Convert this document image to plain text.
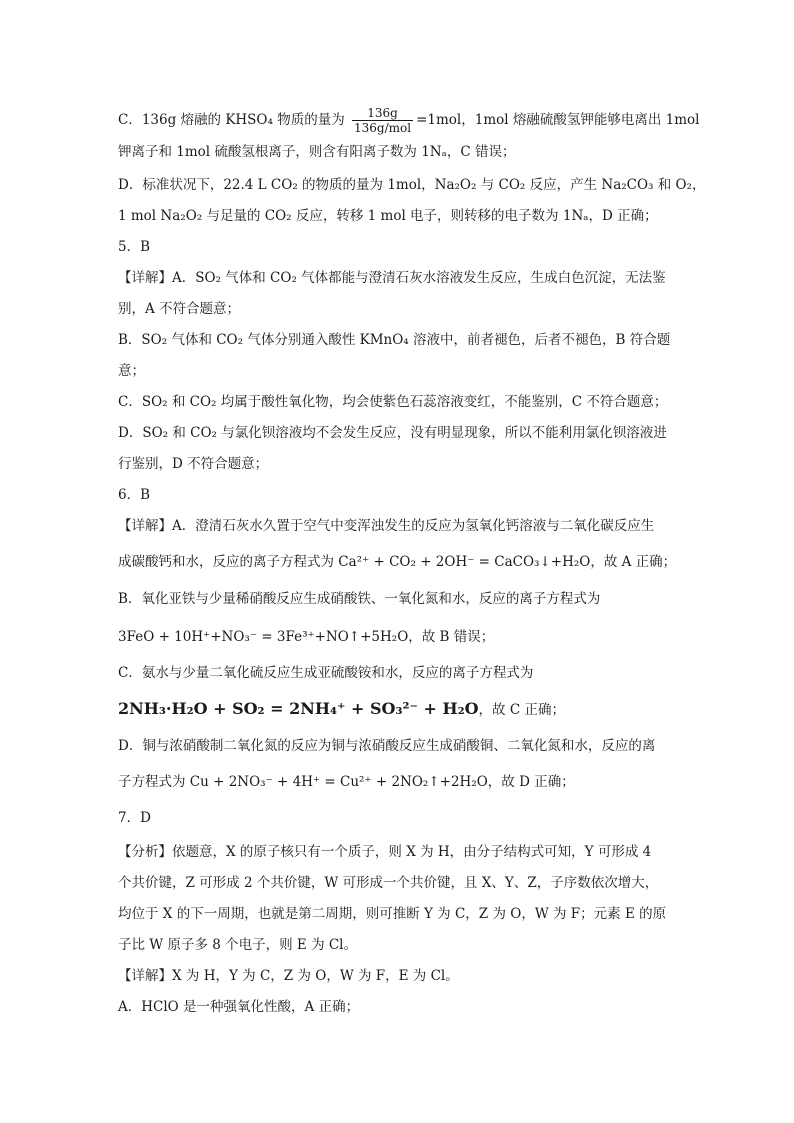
C．136g 熔融的 KHSO₄ 物质的量为 $\frac{136g}{\text{136g/mol}} =1mol$，1mol 熔融硫酸氢钾能够电离出 1mol
钾离子和 1mol 硫酸氢根离子，则含有阳离子数为 1Nₐ，C 错误；
D．标准状况下，22.4 L CO₂ 的物质的量为 1mol，Na₂O₂ 与 CO₂ 反应，产生 Na₂CO₃ 和 O₂，
1 mol Na₂O₂ 与足量的 CO₂ 反应，转移 1 mol 电子，则转移的电子数为 1Nₐ，D 正确；
5．B
【详解】A．SO₂ 气体和 CO₂ 气体都能与澄清石灰水溶液发生反应，生成白色沉淀，无法鉴
别，A 不符合题意；
B．SO₂ 气体和 CO₂ 气体分别通入酸性 KMnO₄ 溶液中，前者褪色，后者不褪色，B 符合题
意；
C．SO₂ 和 CO₂ 均属于酸性氧化物，均会使紫色石蕊溶液变红，不能鉴别，C 不符合题意；
D．SO₂ 和 CO₂ 与氯化钡溶液均不会发生反应，没有明显现象，所以不能利用氯化钡溶液进
行鉴别，D 不符合题意；
6．B
【详解】A．澄清石灰水久置于空气中变浑浊发生的反应为氢氧化钙溶液与二氧化碳反应生
成碳酸钙和水，反应的离子方程式为 Ca²⁺ + CO₂ + 2OH⁻ = CaCO₃↓+H₂O，故 A 正确；
B．氧化亚铁与少量稀硝酸反应生成硝酸铁、一氧化氮和水，反应的离子方程式为
3FeO + 10H⁺+NO₃⁻ = 3Fe³⁺+NO↑+5H₂O，故 B 错误；
C．氨水与少量二氧化硫反应生成亚硫酸铵和水，反应的离子方程式为
2NH₃·H₂O + SO₂ = 2NH₄⁺ + SO₃²⁻ + H₂O，故 C 正确；
D．铜与浓硝酸制二氧化氮的反应为铜与浓硝酸反应生成硝酸铜、二氧化氮和水，反应的离
子方程式为 Cu + 2NO₃⁻ + 4H⁺ = Cu²⁺ + 2NO₂↑+2H₂O，故 D 正确；
7．D
【分析】依题意，X 的原子核只有一个质子，则 X 为 H，由分子结构式可知，Y 可形成 4
个共价键，Z 可形成 2 个共价键，W 可形成一个共价键，且 X、Y、Z，子序数依次增大，
均位于 X 的下一周期，也就是第二周期，则可推断 Y 为 C，Z 为 O，W 为 F；元素 E 的原
子比 W 原子多 8 个电子，则 E 为 Cl。
【详解】X 为 H，Y 为 C，Z 为 O，W 为 F，E 为 Cl。
A．HClO 是一种强氧化性酸，A 正确；
